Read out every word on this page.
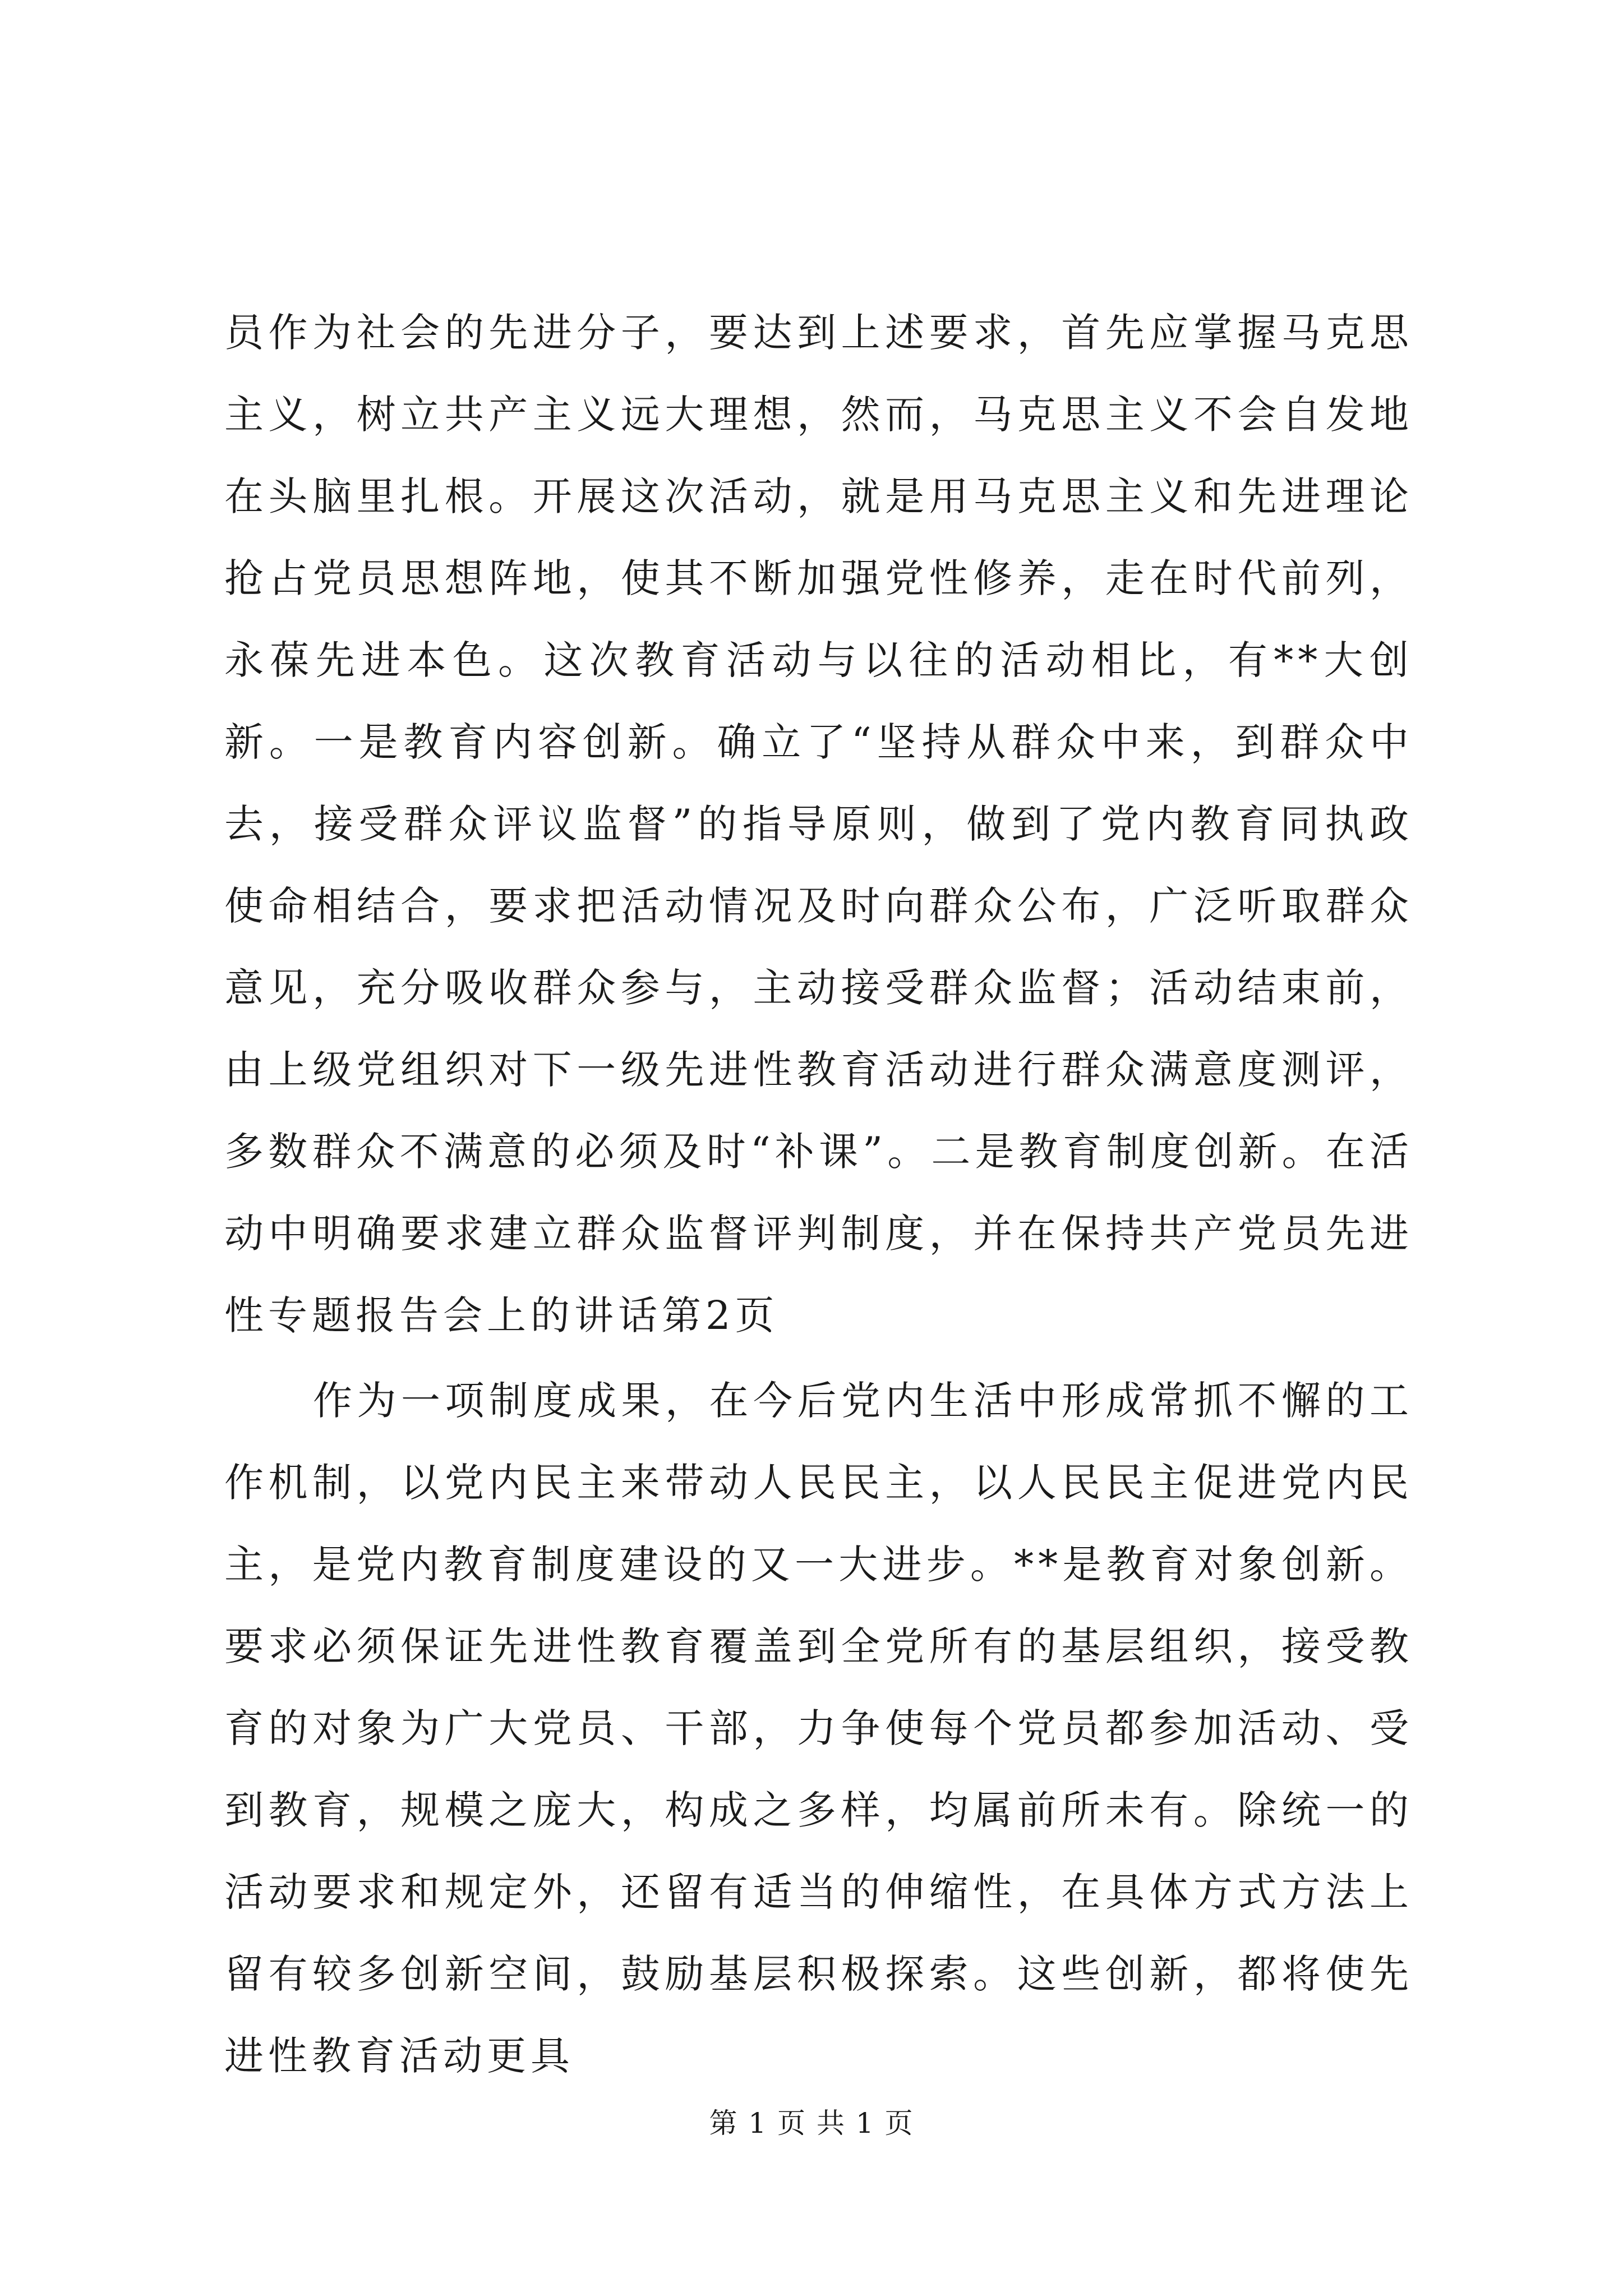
员作为社会的先进分子，要达到上述要求，首先应掌握马克思主义，树立共产主义远大理想，然而，马克思主义不会自发地在头脑里扎根。开展这次活动，就是用马克思主义和先进理论抢占党员思想阵地，使其不断加强党性修养，走在时代前列，永葆先进本色。这次教育活动与以往的活动相比，有**大创新。一是教育内容创新。确立了“坚持从群众中来，到群众中去，接受群众评议监督”的指导原则，做到了党内教育同执政使命相结合，要求把活动情况及时向群众公布，广泛听取群众意见，充分吸收群众参与，主动接受群众监督；活动结束前，由上级党组织对下一级先进性教育活动进行群众满意度测评，多数群众不满意的必须及时“补课”。二是教育制度创新。在活动中明确要求建立群众监督评判制度，并在保持共产党员先进性专题报告会上的讲话第2页

作为一项制度成果，在今后党内生活中形成常抓不懈的工作机制，以党内民主来带动人民民主，以人民民主促进党内民主，是党内教育制度建设的又一大进步。**是教育对象创新。要求必须保证先进性教育覆盖到全党所有的基层组织，接受教育的对象为广大党员、干部，力争使每个党员都参加活动、受到教育，规模之庞大，构成之多样，均属前所未有。除统一的活动要求和规定外，还留有适当的伸缩性，在具体方式方法上留有较多创新空间，鼓励基层积极探索。这些创新，都将使先进性教育活动更具

第 1 页 共 1 页
